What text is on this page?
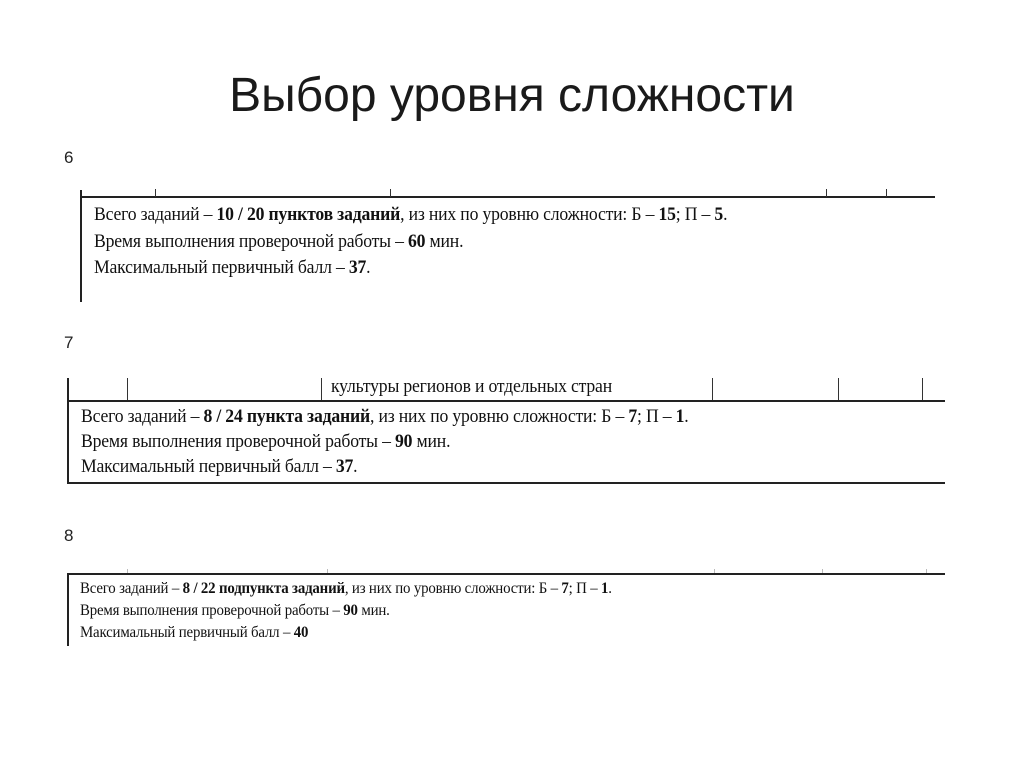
Выбор уровня сложности
6
Всего заданий – 10 / 20 пунктов заданий, из них по уровню сложности: Б – 15; П – 5.
Время выполнения проверочной работы – 60 мин.
Максимальный первичный балл – 37.
7
культуры регионов и отдельных стран
Всего заданий – 8 / 24 пункта заданий, из них по уровню сложности: Б – 7; П – 1.
Время выполнения проверочной работы – 90 мин.
Максимальный первичный балл – 37.
8
Всего заданий – 8 / 22 подпункта заданий, из них по уровню сложности: Б – 7; П – 1.
Время выполнения проверочной работы – 90 мин.
Максимальный первичный балл – 40
